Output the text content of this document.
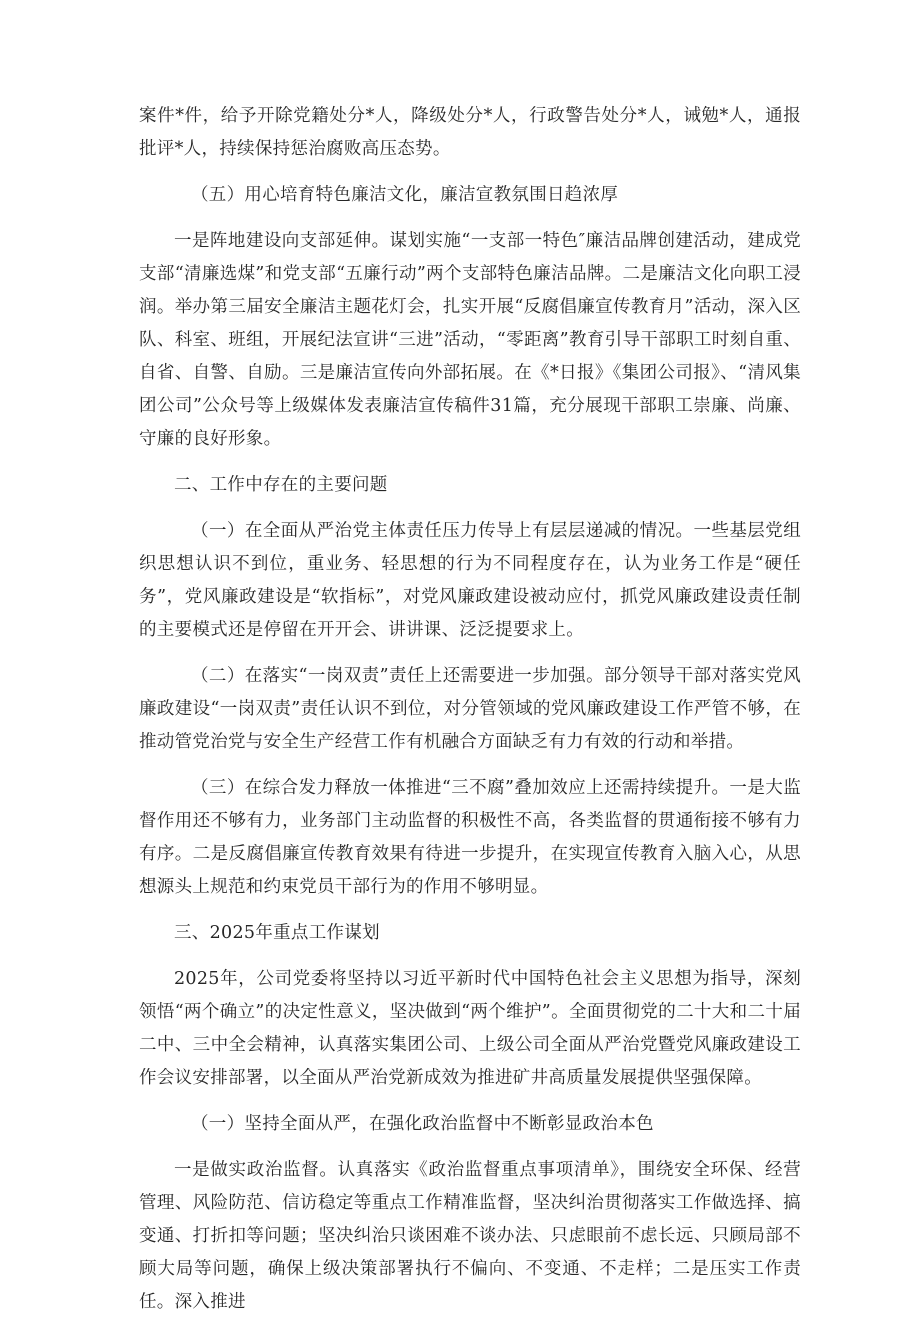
案件*件，给予开除党籍处分*人，降级处分*人，行政警告处分*人，诫勉*人，通报批评*人，持续保持惩治腐败高压态势。

（五）用心培育特色廉洁文化，廉洁宣教氛围日趋浓厚

一是阵地建设向支部延伸。谋划实施“一支部一特色″廉洁品牌创建活动，建成党支部“清廉选煤”和党支部“五廉行动”两个支部特色廉洁品牌。二是廉洁文化向职工浸润。举办第三届安全廉洁主题花灯会，扎实开展“反腐倡廉宣传教育月”活动，深入区队、科室、班组，开展纪法宣讲“三进”活动，“零距离”教育引导干部职工时刻自重、自省、自警、自励。三是廉洁宣传向外部拓展。在《*日报》《集团公司报》、“清风集团公司”公众号等上级媒体发表廉洁宣传稿件31篇，充分展现干部职工崇廉、尚廉、守廉的良好形象。

二、工作中存在的主要问题

（一）在全面从严治党主体责任压力传导上有层层递减的情况。一些基层党组织思想认识不到位，重业务、轻思想的行为不同程度存在，认为业务工作是“硬任务”，党风廉政建设是“软指标”，对党风廉政建设被动应付，抓党风廉政建设责任制的主要模式还是停留在开开会、讲讲课、泛泛提要求上。

（二）在落实“一岗双责”责任上还需要进一步加强。部分领导干部对落实党风廉政建设“一岗双责”责任认识不到位，对分管领域的党风廉政建设工作严管不够，在推动管党治党与安全生产经营工作有机融合方面缺乏有力有效的行动和举措。

（三）在综合发力释放一体推进“三不腐”叠加效应上还需持续提升。一是大监督作用还不够有力，业务部门主动监督的积极性不高，各类监督的贯通衔接不够有力有序。二是反腐倡廉宣传教育效果有待进一步提升，在实现宣传教育入脑入心，从思想源头上规范和约束党员干部行为的作用不够明显。

三、2025年重点工作谋划

2025年，公司党委将坚持以习近平新时代中国特色社会主义思想为指导，深刻领悟“两个确立”的决定性意义，坚决做到“两个维护”。全面贯彻党的二十大和二十届二中、三中全会精神，认真落实集团公司、上级公司全面从严治党暨党风廉政建设工作会议安排部署，以全面从严治党新成效为推进矿井高质量发展提供坚强保障。

（一）坚持全面从严，在强化政治监督中不断彰显政治本色

一是做实政治监督。认真落实《政治监督重点事项清单》，围绕安全环保、经营管理、风险防范、信访稳定等重点工作精准监督，坚决纠治贯彻落实工作做选择、搞变通、打折扣等问题；坚决纠治只谈困难不谈办法、只虑眼前不虑长远、只顾局部不顾大局等问题，确保上级决策部署执行不偏向、不变通、不走样；二是压实工作责任。深入推进
